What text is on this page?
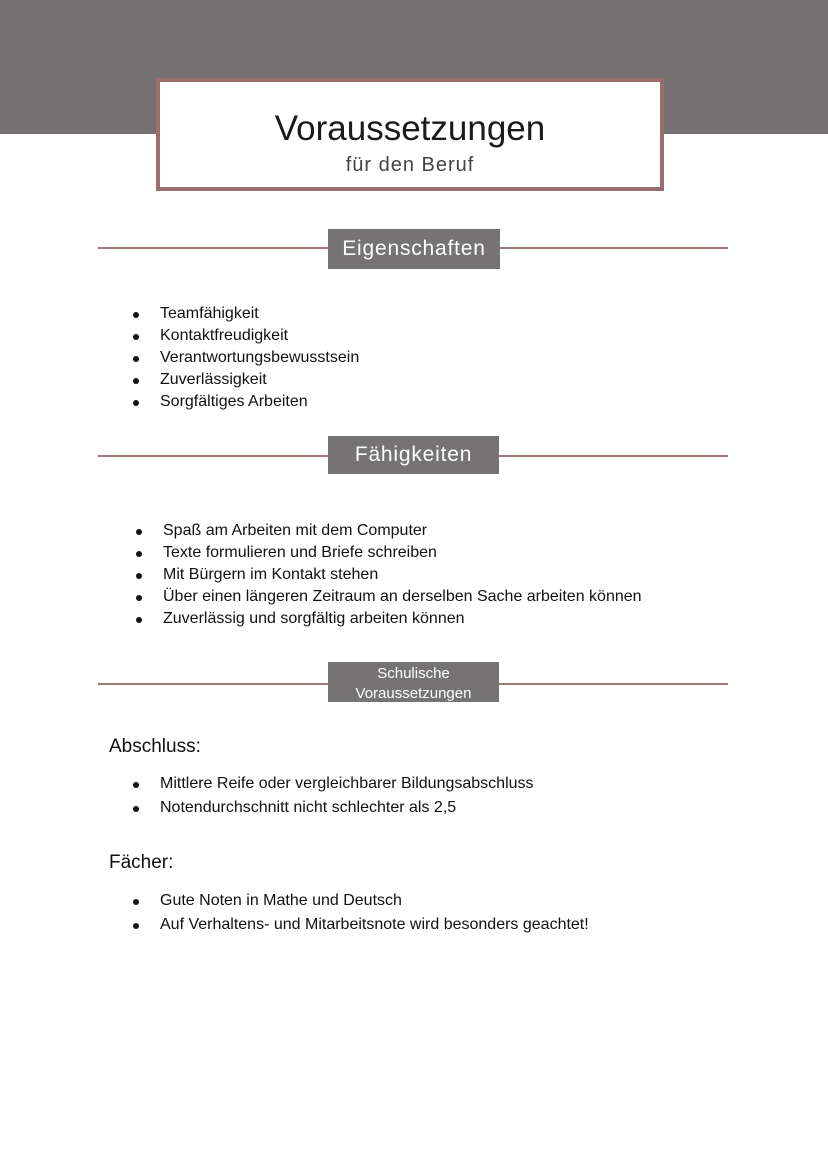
Voraussetzungen
für den Beruf
Eigenschaften
Teamfähigkeit
Kontaktfreudigkeit
Verantwortungsbewusstsein
Zuverlässigkeit
Sorgfältiges Arbeiten
Fähigkeiten
Spaß am Arbeiten mit dem Computer
Texte formulieren und Briefe schreiben
Mit Bürgern im Kontakt stehen
Über einen längeren Zeitraum an derselben Sache arbeiten können
Zuverlässig und sorgfältig arbeiten können
Schulische
Voraussetzungen
Abschluss:
Mittlere Reife oder vergleichbarer Bildungsabschluss
Notendurchschnitt nicht schlechter als 2,5
Fächer:
Gute Noten in Mathe und Deutsch
Auf Verhaltens- und Mitarbeitsnote wird besonders geachtet!
